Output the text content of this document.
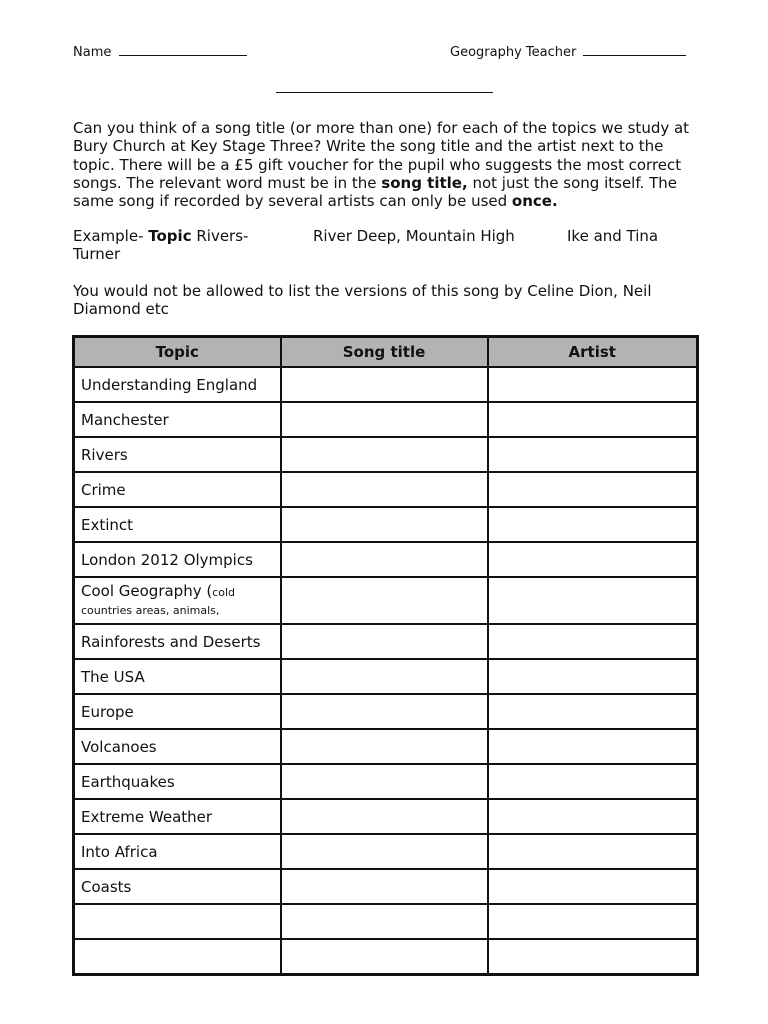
Name	Geography Teacher

Can you think of a song title (or more than one) for each of the topics we study at Bury Church at Key Stage Three? Write the song title and the artist next to the topic. There will be a £5 gift voucher for the pupil who suggests the most correct songs. The relevant word must be in the song title, not just the song itself. The same song if recorded by several artists can only be used once.

Example- Topic Rivers-	River Deep, Mountain High	Ike and Tina
Turner

You would not be allowed to list the versions of this song by Celine Dion, Neil Diamond etc

Topic	Song title	Artist
Understanding England		
Manchester		
Rivers		
Crime		
Extinct		
London 2012 Olympics		
Cool Geography (cold
countries areas, animals,		
Rainforests and Deserts		
The USA		
Europe		
Volcanoes		
Earthquakes		
Extreme Weather		
Into Africa		
Coasts		
